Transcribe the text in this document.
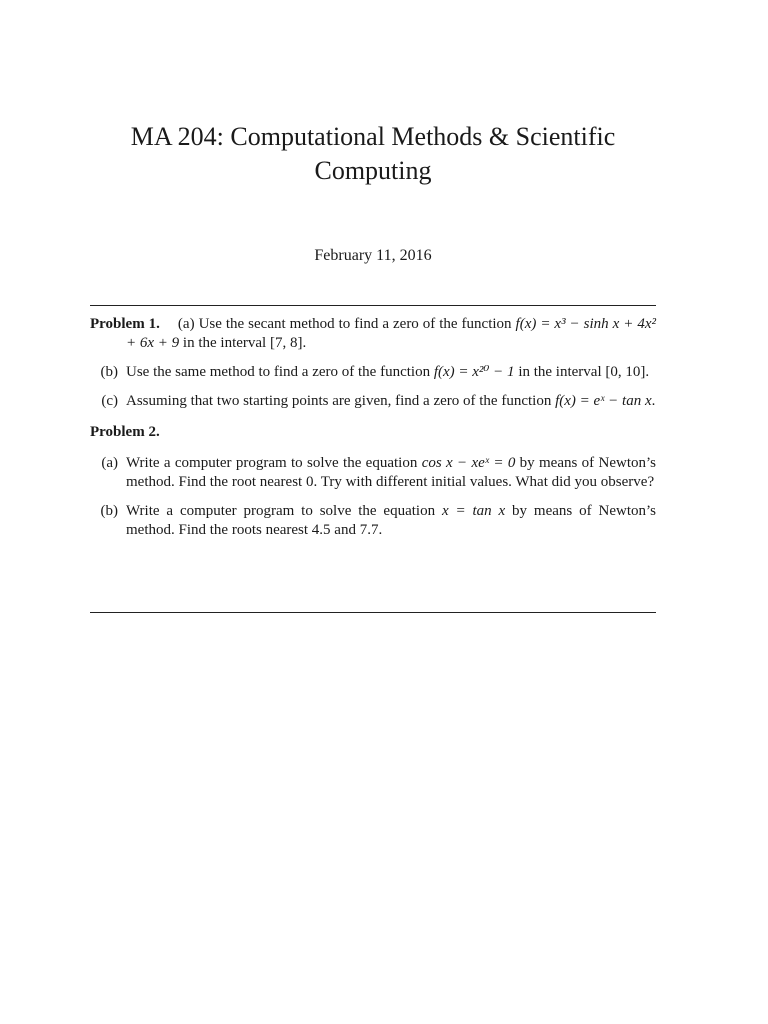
MA 204: Computational Methods & Scientific
Computing
February 11, 2016
Problem 1. (a) Use the secant method to find a zero of the function f(x) = x³ − sinh x + 4x² + 6x + 9 in the interval [7, 8].
(b) Use the same method to find a zero of the function f(x) = x²⁰ − 1 in the interval [0, 10].
(c) Assuming that two starting points are given, find a zero of the function f(x) = eˣ − tan x.
Problem 2.
(a) Write a computer program to solve the equation cos x − xeˣ = 0 by means of Newton’s method. Find the root nearest 0. Try with different initial values. What did you observe?
(b) Write a computer program to solve the equation x = tan x by means of Newton’s method. Find the roots nearest 4.5 and 7.7.
